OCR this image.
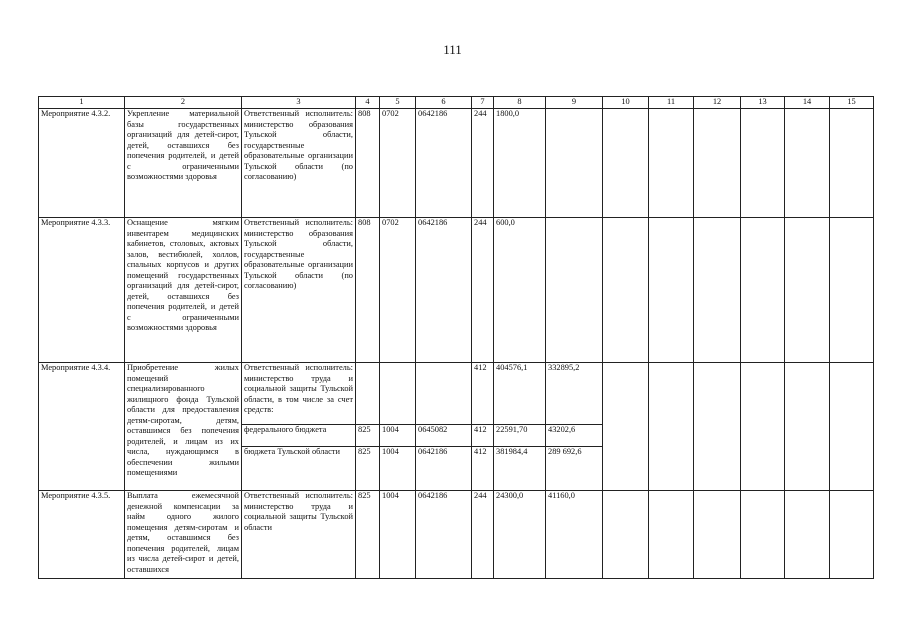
111
1	2	3	4	5	6	7	8	9	10	11	12	13	14	15
Мероприятие 4.3.2.	Укрепление материальной базы государственных организаций для детей-сирот, детей, оставшихся без попечения родителей, и детей с ограниченными возможностями здоровья	Ответственный исполнитель: министерство образования Тульской области, государственные образовательные организации Тульской области (по согласованию)	808	0702	0642186	244	1800,0							
Мероприятие 4.3.3.	Оснащение мягким инвентарем медицинских кабинетов, столовых, актовых залов, вестибюлей, холлов, спальных корпусов и других помещений государственных организаций для детей-сирот, детей, оставшихся без попечения родителей, и детей с ограниченными возможностями здоровья	Ответственный исполнитель: министерство образования Тульской области, государственные образовательные организации Тульской области (по согласованию)	808	0702	0642186	244	600,0							
Мероприятие 4.3.4.	Приобретение жилых помещений специализированного жилищного фонда Тульской области для предоставления детям-сиротам, детям, оставшимся без попечения родителей, и лицам из их числа, нуждающимся в обеспечении жилыми помещениями	Ответственный исполнитель: министерство труда и социальной защиты Тульской области, в том числе за счет средств:				412	404576,1	332895,2						
		федерального бюджета	825	1004	0645082	412	22591,70	43202,6						
		бюджета Тульской области	825	1004	0642186	412	381984,4	289 692,6						
Мероприятие 4.3.5.	Выплата ежемесячной денежной компенсации за найм одного жилого помещения детям-сиротам и детям, оставшимся без попечения родителей, лицам из числа детей-сирот и детей, оставшихся	Ответственный исполнитель: министерство труда и социальной защиты Тульской области	825	1004	0642186	244	24300,0	41160,0						
